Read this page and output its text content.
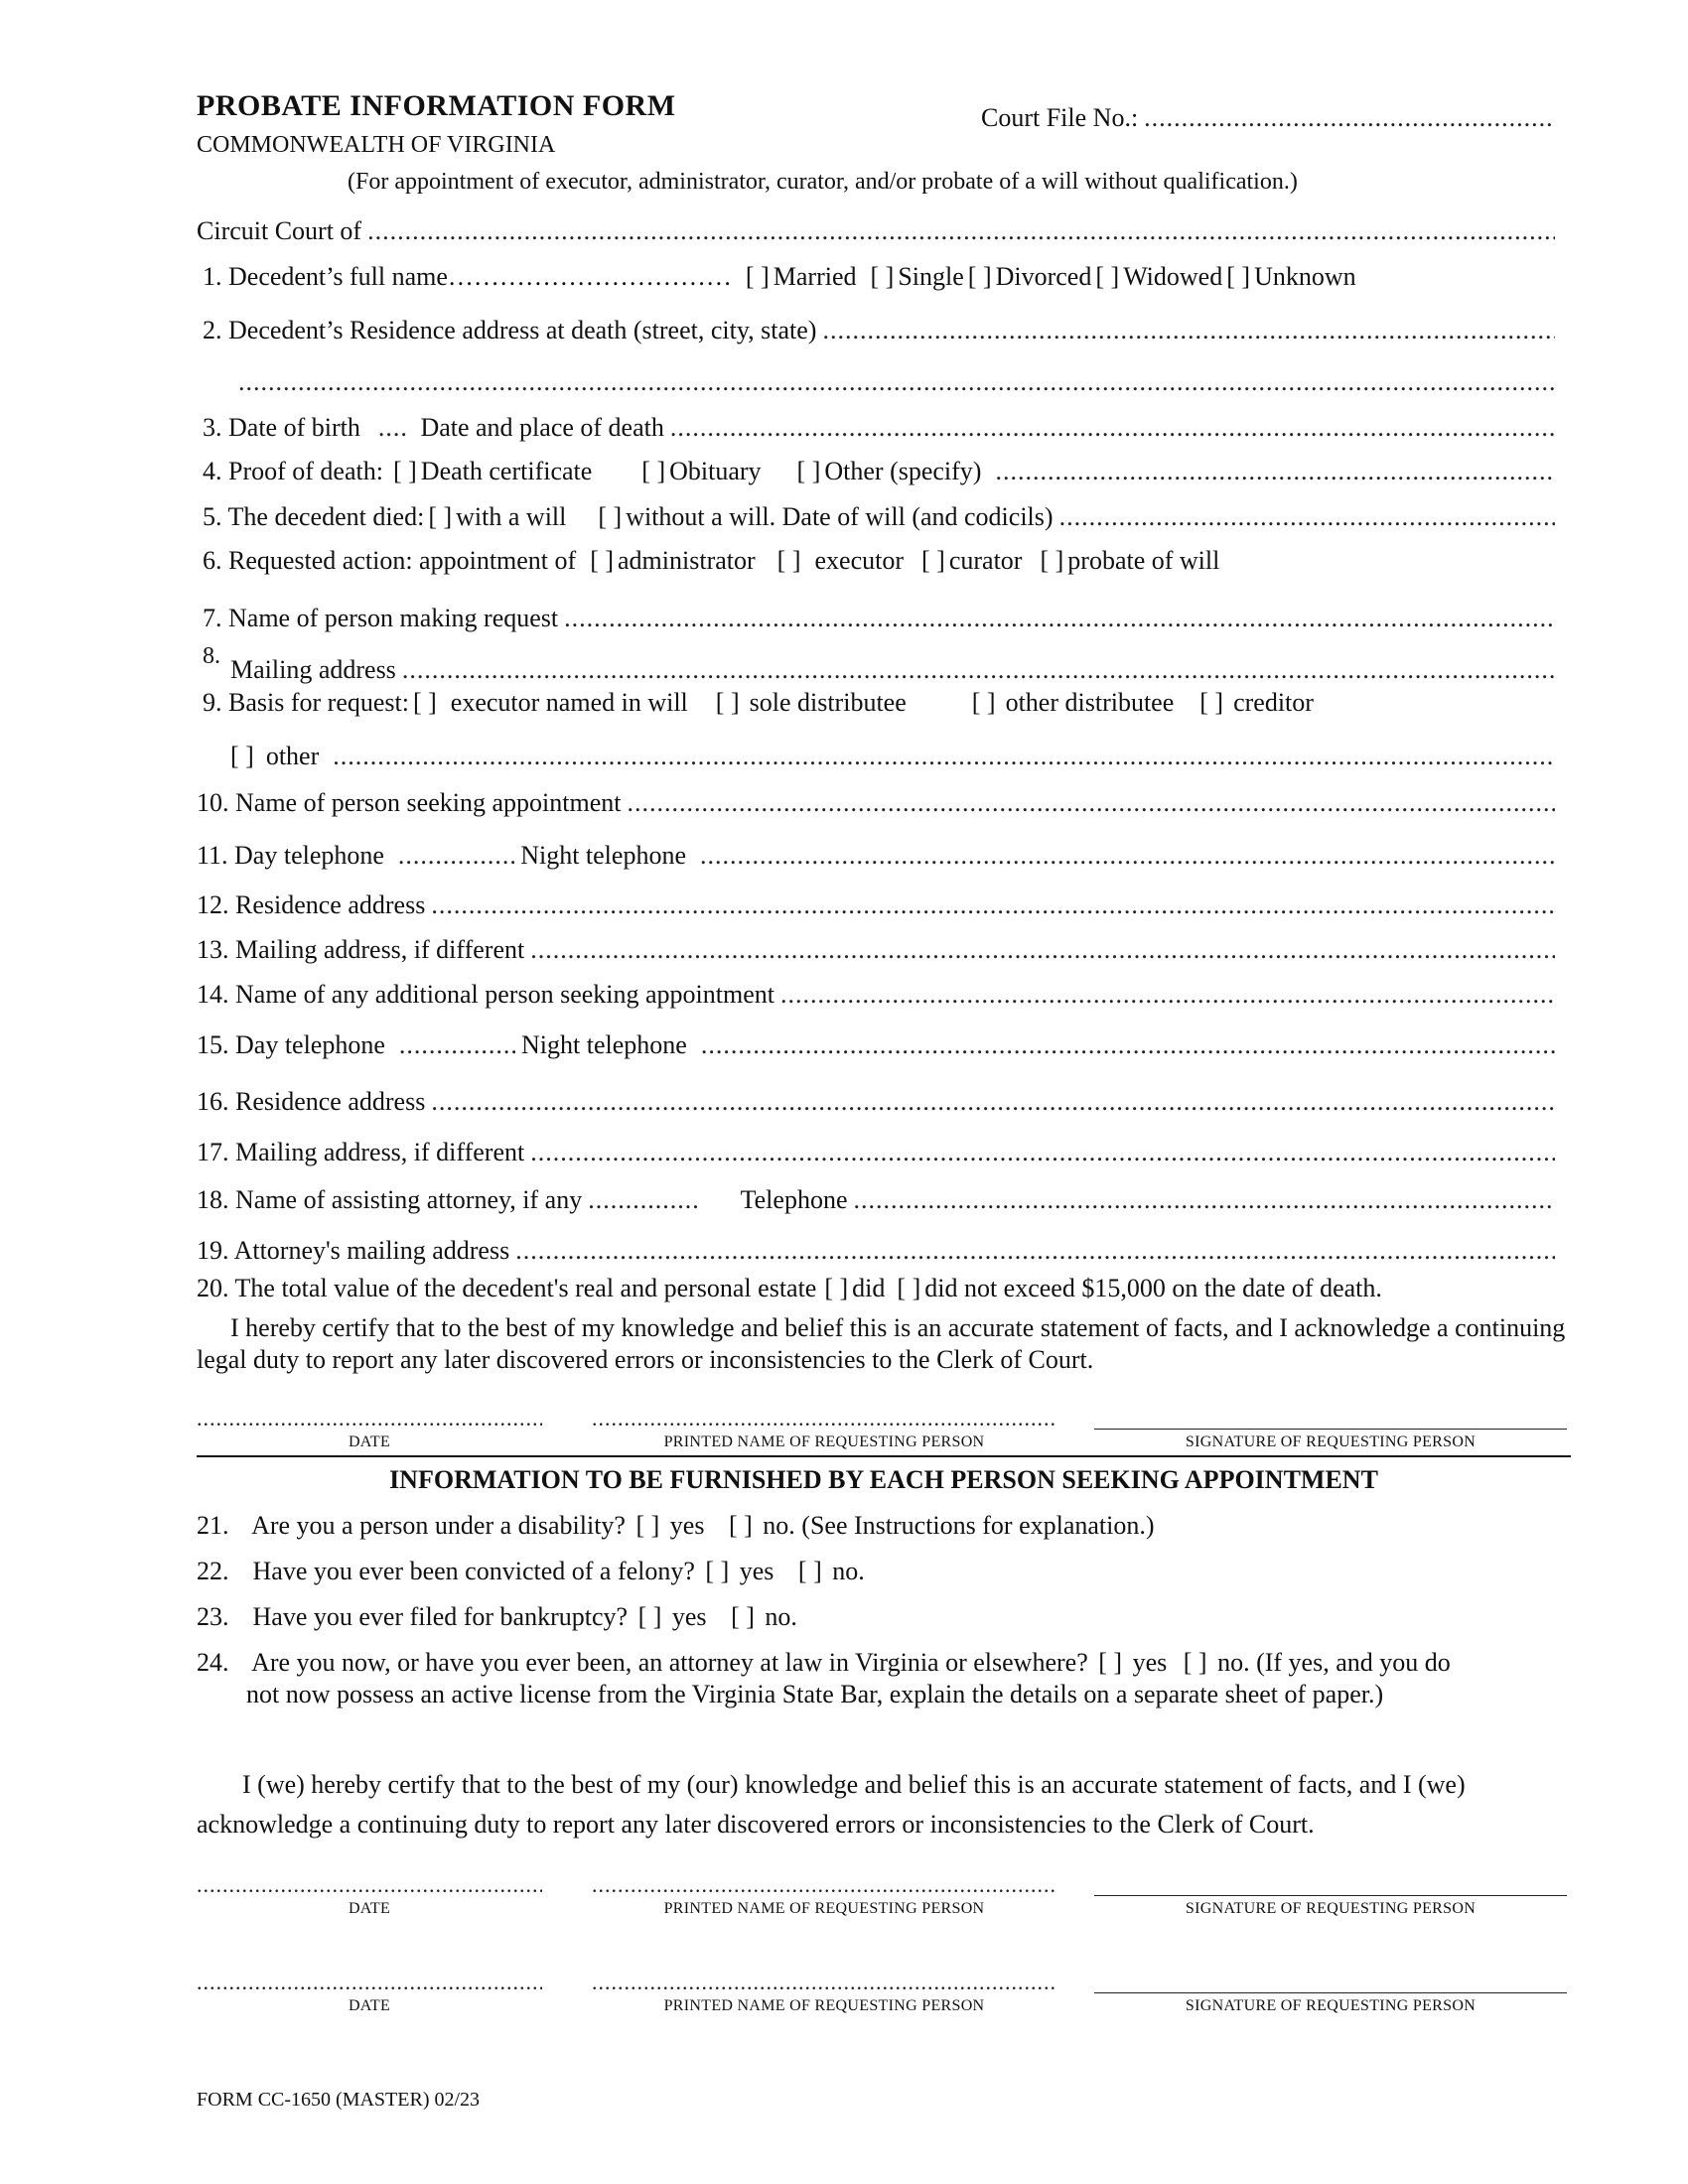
PROBATE INFORMATION FORM
COMMONWEALTH OF VIRGINIA
Court File No.:
.....
(For appointment of executor, administrator, curator, and/or probate of a will without qualification.)
Circuit Court of
.....
1. Decedent’s full name…………………………… [ ] Married [ ] Single [ ] Divorced [ ] Widowed [ ] Unknown
2. Decedent’s Residence address at death (street, city, state)
.....
.....
3. Date of birth ..... Date and place of death
.....
4. Proof of death: [ ] Death certificate [ ] Obituary [ ] Other (specify)
.....
5. The decedent died: [ ] with a will [ ] without a will. Date of will (and codicils)
.....
6. Requested action: appointment of [ ] administrator [ ] executor [ ] curator [ ] probate of will
7. Name of person making request
.....
8. Mailing address
.....
9. Basis for request: [ ] executor named in will [ ] sole distributee	[ ] other distributee [ ] creditor
[ ] other
.....
10. Name of person seeking appointment
.....
11. Day telephone .....	Night telephone
.....
12. Residence address
.....
13. Mailing address, if different
.....
14. Name of any additional person seeking appointment
.....
15. Day telephone .....	Night telephone
.....
16. Residence address
.....
17. Mailing address, if different
.....
18. Name of assisting attorney, if any .....	Telephone
.....
19. Attorney's mailing address
.....
20. The total value of the decedent's real and personal estate [ ] did [ ] did not exceed $15,000 on the date of death.
I hereby certify that to the best of my knowledge and belief this is an accurate statement of facts, and I acknowledge a continuing legal duty to report any later discovered errors or inconsistencies to the Clerk of Court.
.....
.....
DATE	PRINTED NAME OF REQUESTING PERSON	SIGNATURE OF REQUESTING PERSON
INFORMATION TO BE FURNISHED BY EACH PERSON SEEKING APPOINTMENT
21. Are you a person under a disability? [ ] yes [ ] no. (See Instructions for explanation.)
22. Have you ever been convicted of a felony? [ ] yes [ ] no.
23. Have you ever filed for bankruptcy? [ ] yes [ ] no.
24. Are you now, or have you ever been, an attorney at law in Virginia or elsewhere? [ ] yes [ ] no. (If yes, and you do
not now possess an active license from the Virginia State Bar, explain the details on a separate sheet of paper.)
I (we) hereby certify that to the best of my (our) knowledge and belief this is an accurate statement of facts, and I (we) acknowledge a continuing duty to report any later discovered errors or inconsistencies to the Clerk of Court.
.....
.....
DATE	PRINTED NAME OF REQUESTING PERSON	SIGNATURE OF REQUESTING PERSON
.....
.....
DATE	PRINTED NAME OF REQUESTING PERSON	SIGNATURE OF REQUESTING PERSON
FORM CC-1650 (MASTER) 02/23
